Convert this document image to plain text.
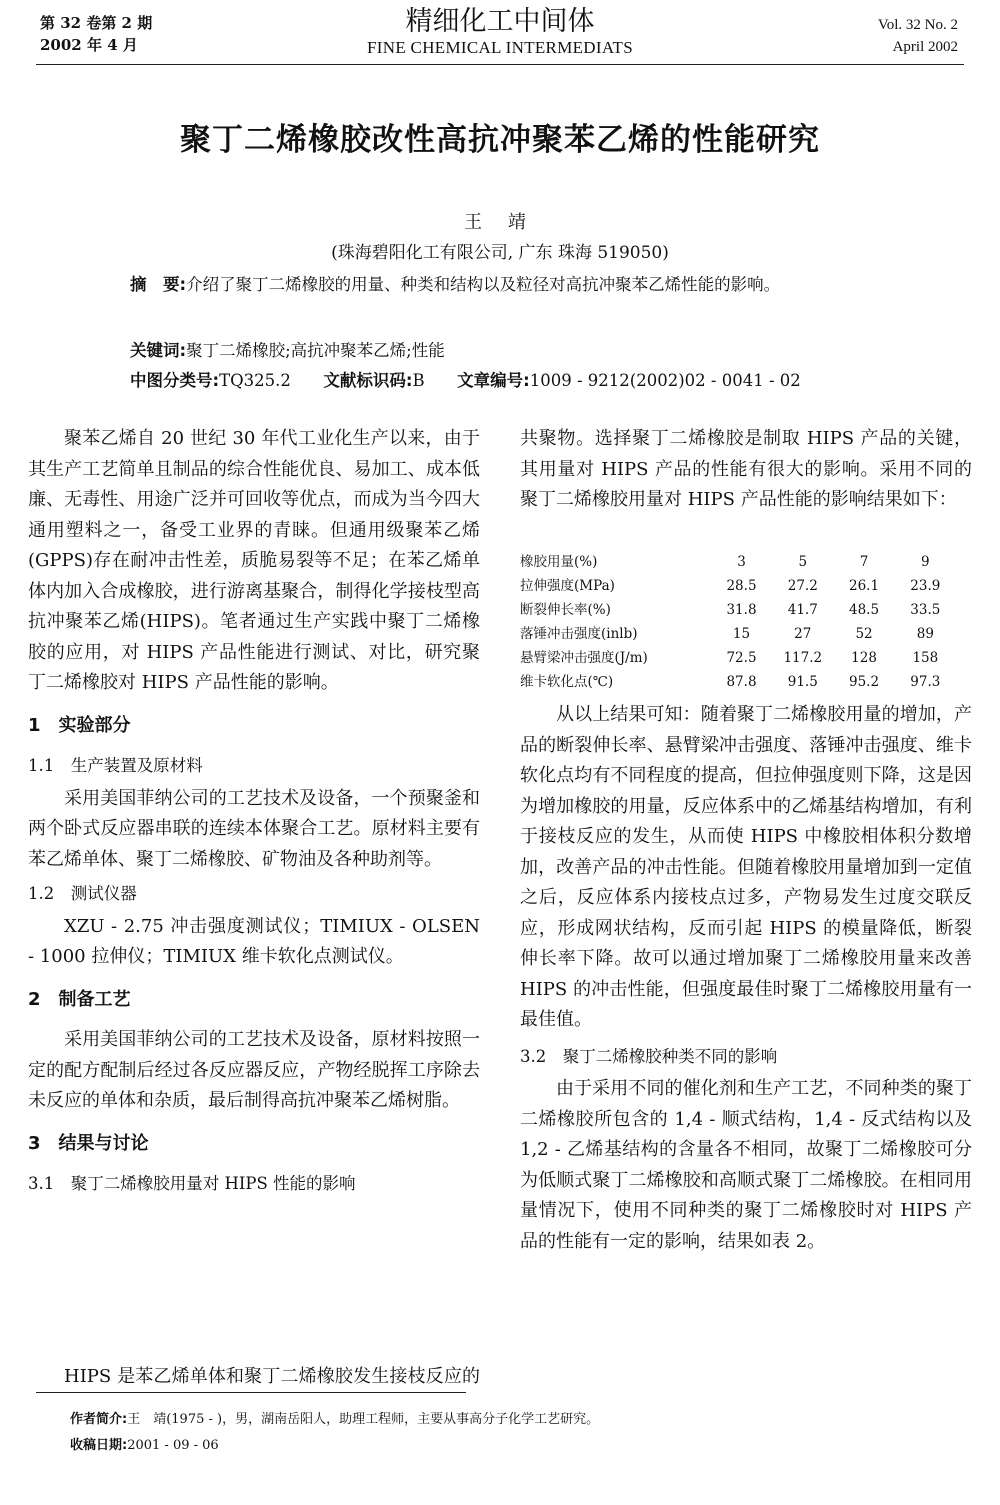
第 32 卷第 2 期
2002 年 4 月
精细化工中间体
FINE CHEMICAL INTERMEDIATS
Vol. 32 No. 2
April 2002
聚丁二烯橡胶改性高抗冲聚苯乙烯的性能研究
王 靖
(珠海碧阳化工有限公司, 广东 珠海 519050)

摘　要:介绍了聚丁二烯橡胶的用量、种类和结构以及粒径对高抗冲聚苯乙烯性能的影响。

关键词:聚丁二烯橡胶;高抗冲聚苯乙烯;性能
中图分类号:TQ325.2 文献标识码:B 文章编号:1009 - 9212(2002)02 - 0041 - 02

聚苯乙烯自 20 世纪 30 年代工业化生产以来，由于其生产工艺简单且制品的综合性能优良、易加工、成本低廉、无毒性、用途广泛并可回收等优点，而成为当今四大通用塑料之一，备受工业界的青睐。但通用级聚苯乙烯(GPPS)存在耐冲击性差，质脆易裂等不足；在苯乙烯单体内加入合成橡胶，进行游离基聚合，制得化学接枝型高抗冲聚苯乙烯(HIPS)。笔者通过生产实践中聚丁二烯橡胶的应用，对 HIPS 产品性能进行测试、对比，研究聚丁二烯橡胶对 HIPS 产品性能的影响。

1　实验部分

1.1　生产装置及原材料

采用美国菲纳公司的工艺技术及设备，一个预聚釜和两个卧式反应器串联的连续本体聚合工艺。原材料主要有苯乙烯单体、聚丁二烯橡胶、矿物油及各种助剂等。

1.2　测试仪器

XZU - 2.75 冲击强度测试仪；TIMIUX - OLSEN - 1000 拉伸仪；TIMIUX 维卡软化点测试仪。

2　制备工艺

采用美国菲纳公司的工艺技术及设备，原材料按照一定的配方配制后经过各反应器反应，产物经脱挥工序除去未反应的单体和杂质，最后制得高抗冲聚苯乙烯树脂。

3　结果与讨论

3.1　聚丁二烯橡胶用量对 HIPS 性能的影响

HIPS 是苯乙烯单体和聚丁二烯橡胶发生接枝反应的

共聚物。选择聚丁二烯橡胶是制取 HIPS 产品的关键，其用量对 HIPS 产品的性能有很大的影响。采用不同的聚丁二烯橡胶用量对 HIPS 产品性能的影响结果如下：

橡胶用量(%)	3	5	7	9
拉伸强度(MPa)	28.5	27.2	26.1	23.9
断裂伸长率(%)	31.8	41.7	48.5	33.5
落锤冲击强度(inlb)	15	27	52	89
悬臂梁冲击强度(J/m)	72.5	117.2	128	158
维卡软化点(℃)	87.8	91.5	95.2	97.3

从以上结果可知：随着聚丁二烯橡胶用量的增加，产品的断裂伸长率、悬臂梁冲击强度、落锤冲击强度、维卡软化点均有不同程度的提高，但拉伸强度则下降，这是因为增加橡胶的用量，反应体系中的乙烯基结构增加，有利于接枝反应的发生，从而使 HIPS 中橡胶相体积分数增加，改善产品的冲击性能。但随着橡胶用量增加到一定值之后，反应体系内接枝点过多，产物易发生过度交联反应，形成网状结构，反而引起 HIPS 的模量降低，断裂伸长率下降。故可以通过增加聚丁二烯橡胶用量来改善 HIPS 的冲击性能，但强度最佳时聚丁二烯橡胶用量有一最佳值。

3.2　聚丁二烯橡胶种类不同的影响

由于采用不同的催化剂和生产工艺，不同种类的聚丁二烯橡胶所包含的 1,4 - 顺式结构，1,4 - 反式结构以及 1,2 - 乙烯基结构的含量各不相同，故聚丁二烯橡胶可分为低顺式聚丁二烯橡胶和高顺式聚丁二烯橡胶。在相同用量情况下，使用不同种类的聚丁二烯橡胶时对 HIPS 产品的性能有一定的影响，结果如表 2。

作者简介:王　靖(1975 - )，男，湖南岳阳人，助理工程师，主要从事高分子化学工艺研究。
收稿日期:2001 - 09 - 06
